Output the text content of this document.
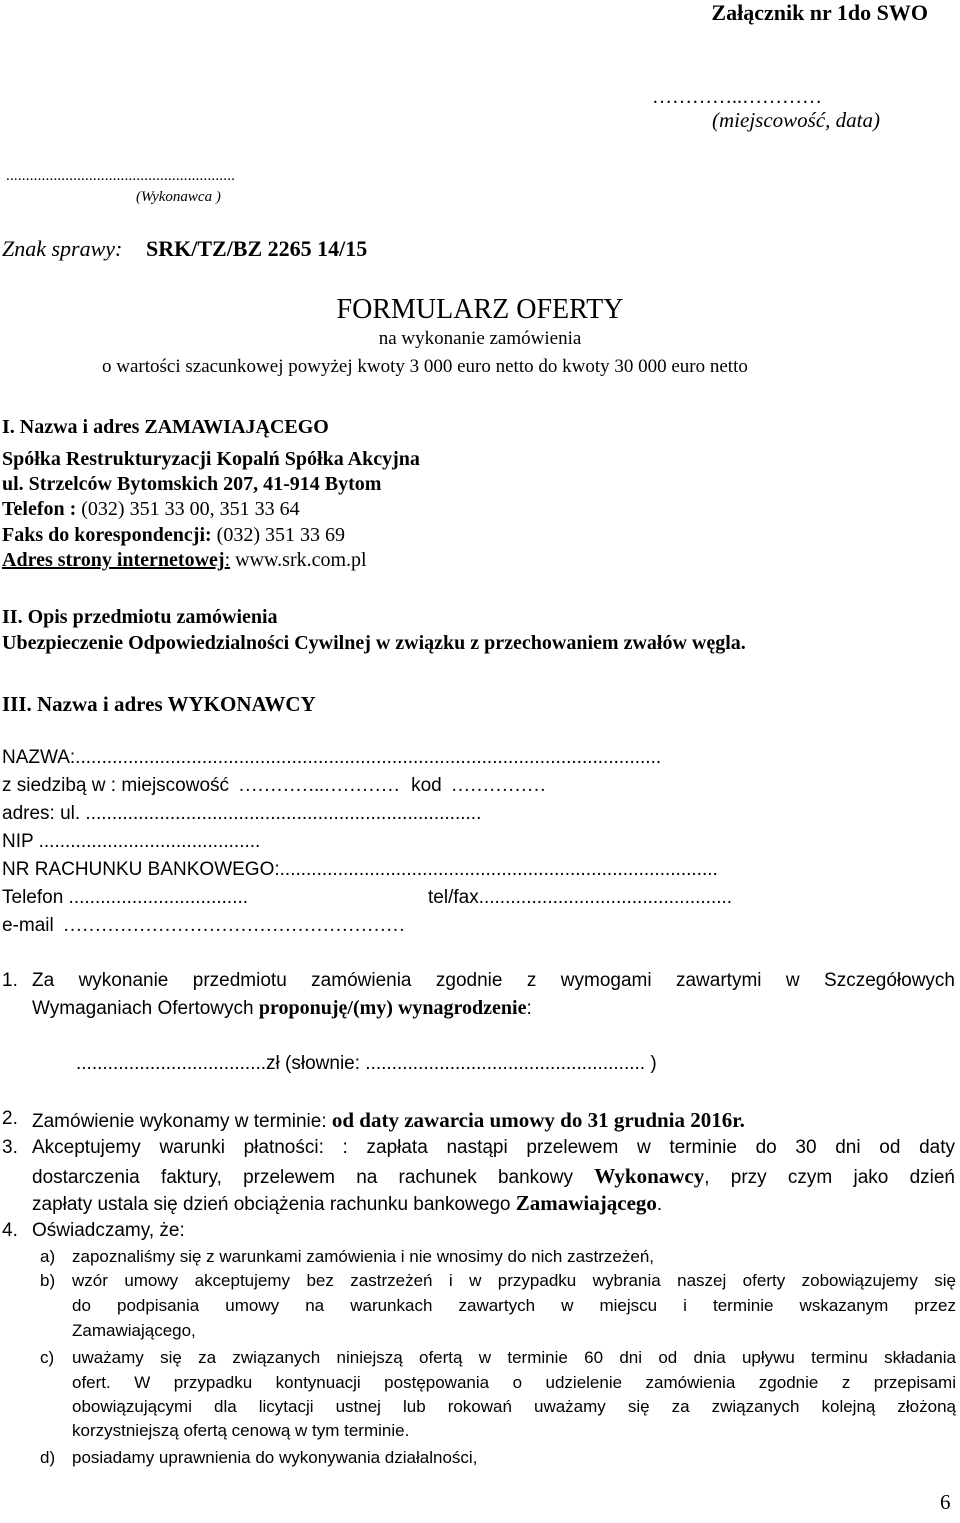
Załącznik nr 1do SWO
…………..…………
(miejscowość, data)
..........................................................
(Wykonawca )
Znak sprawy: SRK/TZ/BZ 2265 14/15
FORMULARZ OFERTY
na wykonanie zamówienia
o wartości szacunkowej powyżej kwoty 3 000 euro netto do kwoty 30 000 euro netto
I. Nazwa i adres ZAMAWIAJĄCEGO
Spółka Restrukturyzacji Kopalń Spółka Akcyjna
ul. Strzelców Bytomskich 207, 41-914 Bytom
Telefon : (032) 351 33 00, 351 33 64
Faks do korespondencji: (032) 351 33 69
Adres strony internetowej: www.srk.com.pl
II. Opis przedmiotu zamówienia
Ubezpieczenie Odpowiedzialności Cywilnej w związku z przechowaniem zwałów węgla.
III. Nazwa i adres WYKONAWCY
NAZWA:...............................................................................................................
z siedzibą w : miejscowość …………..………… kod ……………
adres: ul. ...........................................................................
NIP ..........................................
NR RACHUNKU BANKOWEGO:...................................................................................
Telefon ..................................	tel/fax................................................
e-mail ………………………………………………
1. Za wykonanie przedmiotu zamówienia zgodnie z wymogami zawartymi w Szczegółowych
Wymaganiach Ofertowych proponuję/(my) wynagrodzenie:
....................................zł (słownie: ..................................................... )
2. Zamówienie wykonamy w terminie: od daty zawarcia umowy do 31 grudnia 2016r.
3. Akceptujemy warunki płatności: : zapłata nastąpi przelewem w terminie do 30 dni od daty
dostarczenia faktury, przelewem na rachunek bankowy Wykonawcy, przy czym jako dzień
zapłaty ustala się dzień obciążenia rachunku bankowego Zamawiającego.
4. Oświadczamy, że:
a) zapoznaliśmy się z warunkami zamówienia i nie wnosimy do nich zastrzeżeń,
b) wzór umowy akceptujemy bez zastrzeżeń i w przypadku wybrania naszej oferty zobowiązujemy się
do podpisania umowy na warunkach zawartych w miejscu i terminie wskazanym przez
Zamawiającego,
c) uważamy się za związanych niniejszą ofertą w terminie 60 dni od dnia upływu terminu składania
ofert. W przypadku kontynuacji postępowania o udzielenie zamówienia zgodnie z przepisami
obowiązującymi dla licytacji ustnej lub rokowań uważamy się za związanych kolejną złożoną
korzystniejszą ofertą cenową w tym terminie.
d) posiadamy uprawnienia do wykonywania działalności,
6
